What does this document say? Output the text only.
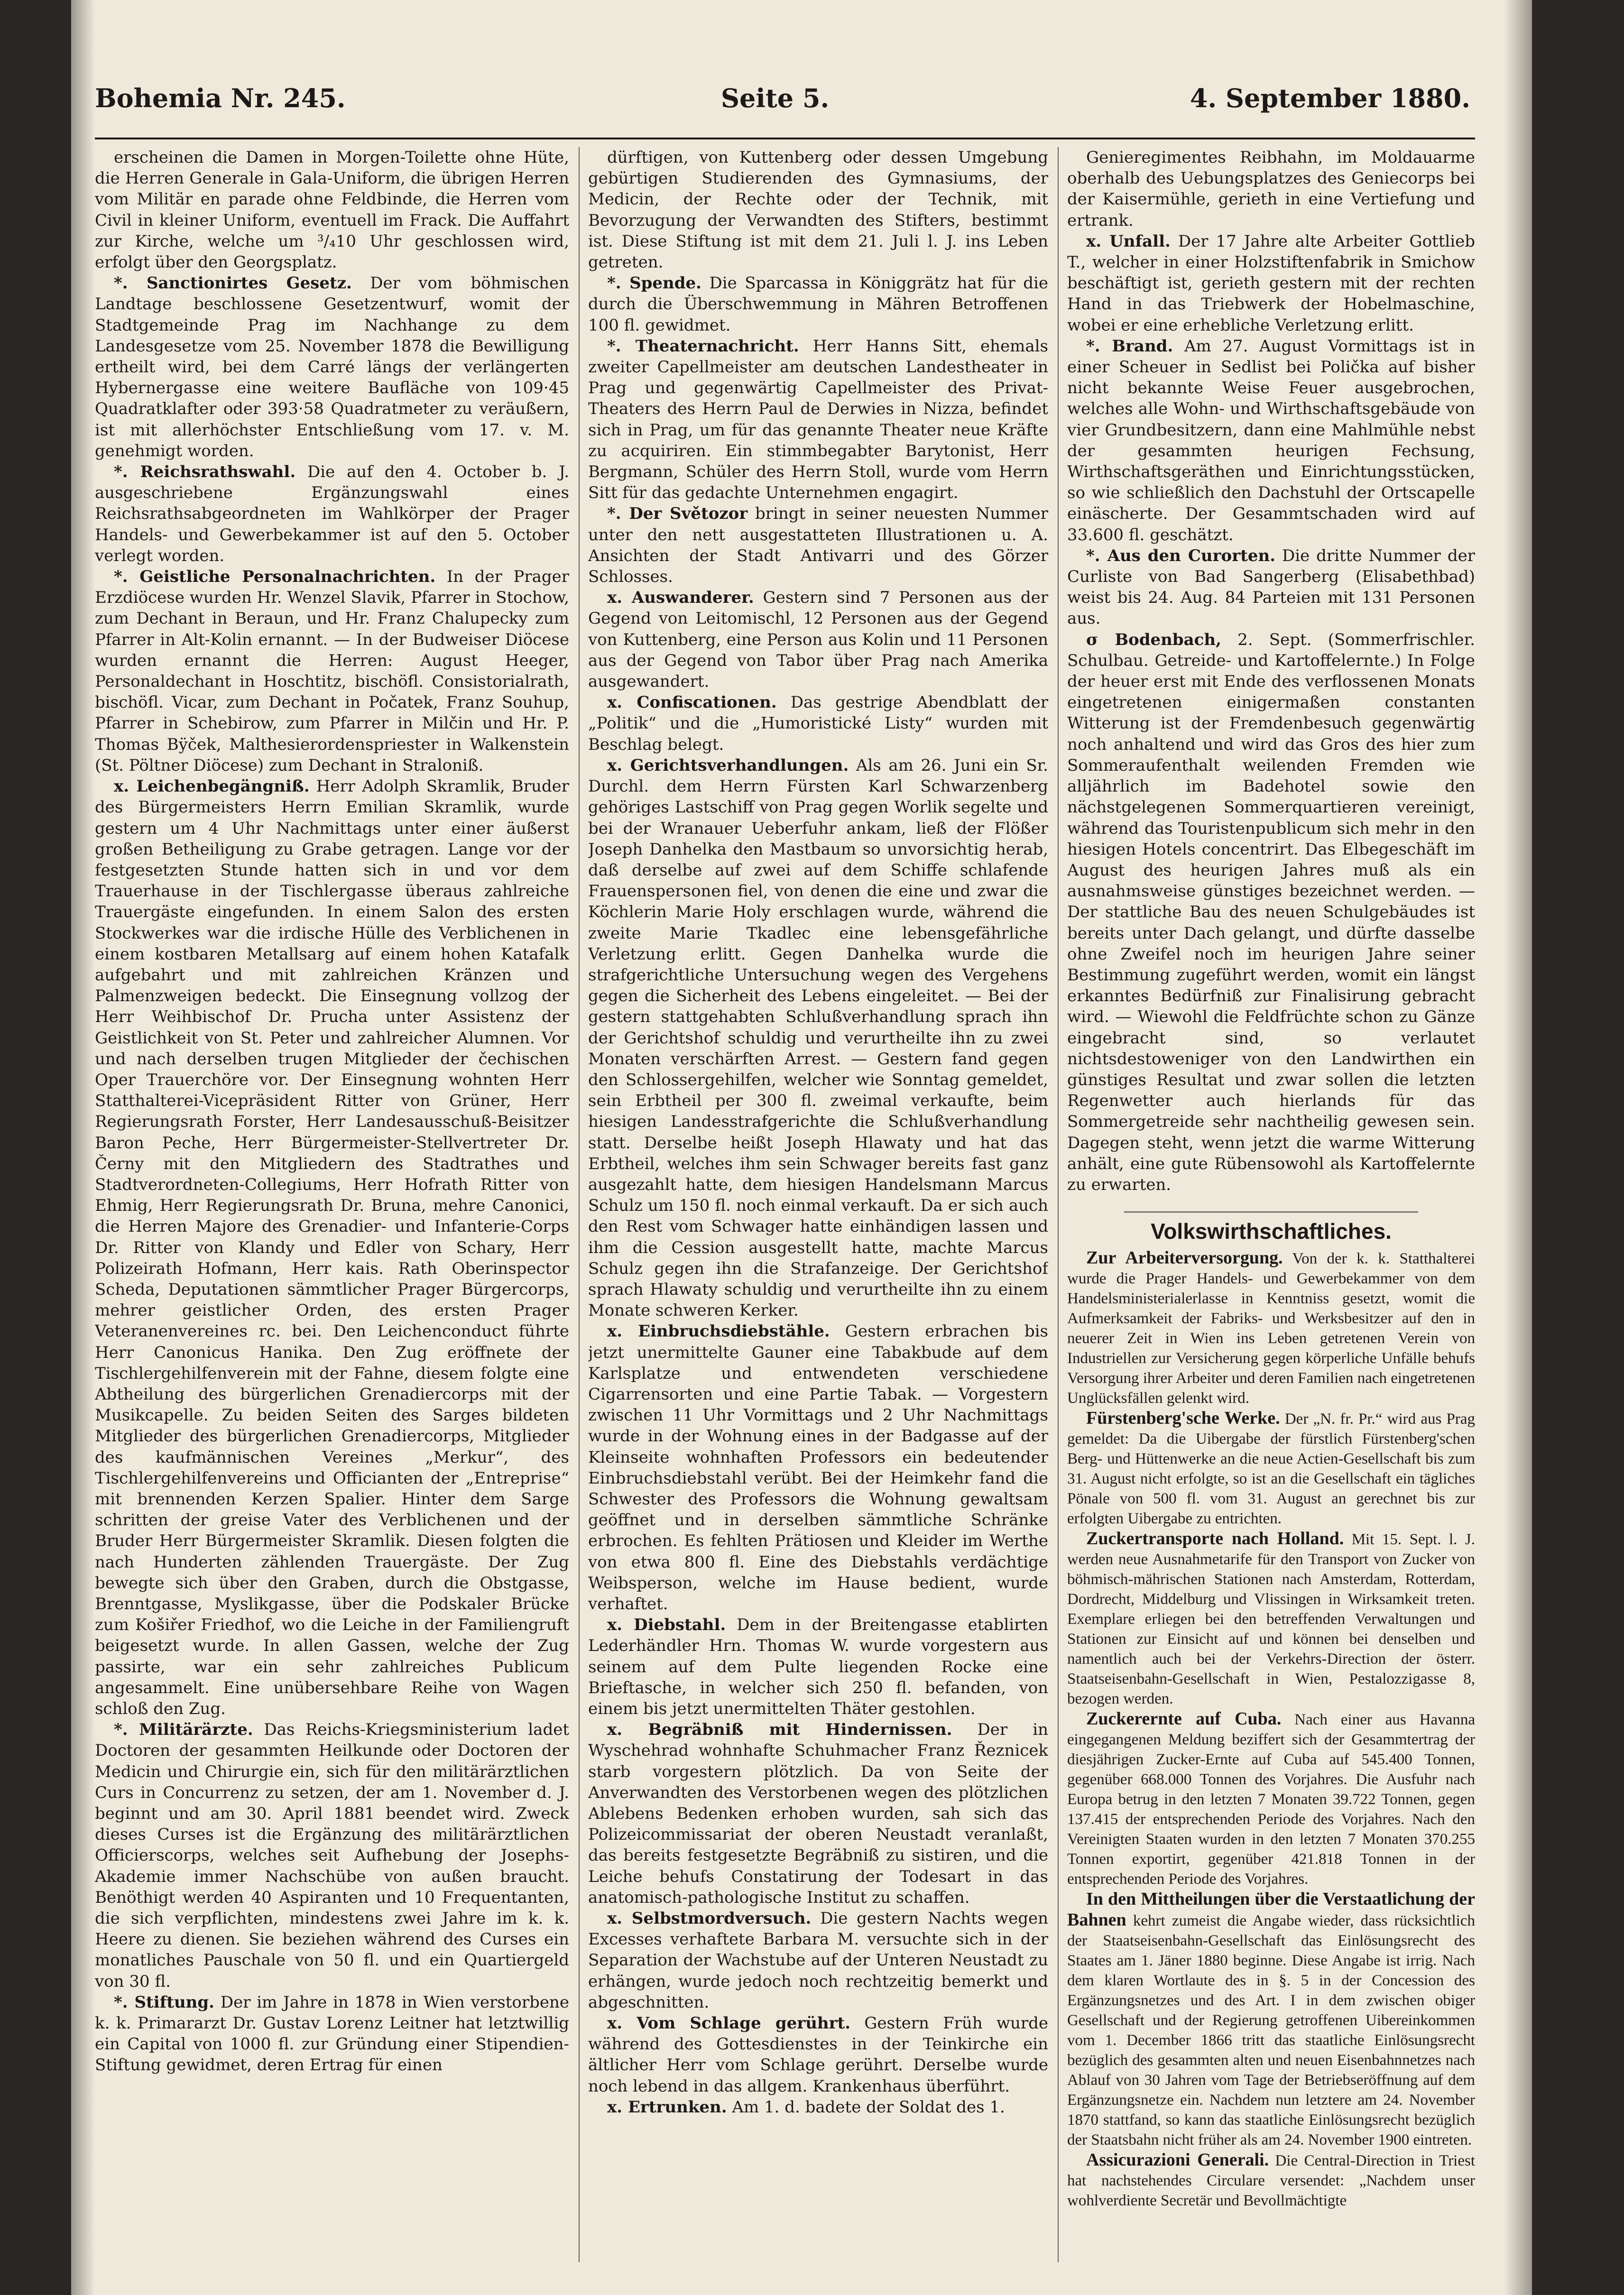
Bohemia Nr. 245.	Seite 5.	4. September 1880.

erscheinen die Damen in Morgen-Toilette ohne Hüte, die Herren Generale in Gala-Uniform, die übrigen Herren vom Militär en parade ohne Feldbinde, die Herren vom Civil in kleiner Uniform, eventuell im Frack. Die Auffahrt zur Kirche, welche um ³/₄10 Uhr geschlossen wird, erfolgt über den Georgsplatz.

*. Sanctionirtes Gesetz. Der vom böhmischen Landtage beschlossene Gesetzentwurf, womit der Stadtgemeinde Prag im Nachhange zu dem Landesgesetze vom 25. November 1878 die Bewilligung ertheilt wird, bei dem Carré längs der verlängerten Hybernergasse eine weitere Baufläche von 109·45 Quadratklafter oder 393·58 Quadratmeter zu veräußern, ist mit allerhöchster Entschließung vom 17. v. M. genehmigt worden.

*. Reichsrathswahl. Die auf den 4. October b. J. ausgeschriebene Ergänzungswahl eines Reichsrathsabgeordneten im Wahlkörper der Prager Handels- und Gewerbekammer ist auf den 5. October verlegt worden.

*. Geistliche Personalnachrichten. In der Prager Erzdiöcese wurden Hr. Wenzel Slavik, Pfarrer in Stochow, zum Dechant in Beraun, und Hr. Franz Chalupecky zum Pfarrer in Alt-Kolin ernannt. — In der Budweiser Diöcese wurden ernannt die Herren: August Heeger, Personaldechant in Hoschtitz, bischöfl. Consistorialrath, bischöfl. Vicar, zum Dechant in Počatek, Franz Souhup, Pfarrer in Schebirow, zum Pfarrer in Milčin und Hr. P. Thomas Bÿček, Malthesierordenspriester in Walkenstein (St. Pöltner Diöcese) zum Dechant in Straloniß.

x. Leichenbegängniß. Herr Adolph Skramlik, Bruder des Bürgermeisters Herrn Emilian Skramlik, wurde gestern um 4 Uhr Nachmittags unter einer äußerst großen Betheiligung zu Grabe getragen. Lange vor der festgesetzten Stunde hatten sich in und vor dem Trauerhause in der Tischlergasse überaus zahlreiche Trauergäste eingefunden. In einem Salon des ersten Stockwerkes war die irdische Hülle des Verblichenen in einem kostbaren Metallsarg auf einem hohen Katafalk aufgebahrt und mit zahlreichen Kränzen und Palmenzweigen bedeckt. Die Einsegnung vollzog der Herr Weihbischof Dr. Prucha unter Assistenz der Geistlichkeit von St. Peter und zahlreicher Alumnen. Vor und nach derselben trugen Mitglieder der čechischen Oper Trauerchöre vor. Der Einsegnung wohnten Herr Statthalterei-Vicepräsident Ritter von Grüner, Herr Regierungsrath Forster, Herr Landesausschuß-Beisitzer Baron Peche, Herr Bürgermeister-Stellvertreter Dr. Černy mit den Mitgliedern des Stadtrathes und Stadtverordneten-Collegiums, Herr Hofrath Ritter von Ehmig, Herr Regierungsrath Dr. Bruna, mehre Canonici, die Herren Majore des Grenadier- und Infanterie-Corps Dr. Ritter von Klandy und Edler von Schary, Herr Polizeirath Hofmann, Herr kais. Rath Oberinspector Scheda, Deputationen sämmtlicher Prager Bürgercorps, mehrer geistlicher Orden, des ersten Prager Veteranenvereines rc. bei. Den Leichenconduct führte Herr Canonicus Hanika. Den Zug eröffnete der Tischlergehilfenverein mit der Fahne, diesem folgte eine Abtheilung des bürgerlichen Grenadiercorps mit der Musikcapelle. Zu beiden Seiten des Sarges bildeten Mitglieder des bürgerlichen Grenadiercorps, Mitglieder des kaufmännischen Vereines „Merkur“, des Tischlergehilfenvereins und Officianten der „Entreprise“ mit brennenden Kerzen Spalier. Hinter dem Sarge schritten der greise Vater des Verblichenen und der Bruder Herr Bürgermeister Skramlik. Diesen folgten die nach Hunderten zählenden Trauergäste. Der Zug bewegte sich über den Graben, durch die Obstgasse, Brenntgasse, Myslikgasse, über die Podskaler Brücke zum Košiřer Friedhof, wo die Leiche in der Familiengruft beigesetzt wurde. In allen Gassen, welche der Zug passirte, war ein sehr zahlreiches Publicum angesammelt. Eine unübersehbare Reihe von Wagen schloß den Zug.

*. Militärärzte. Das Reichs-Kriegsministerium ladet Doctoren der gesammten Heilkunde oder Doctoren der Medicin und Chirurgie ein, sich für den militärärztlichen Curs in Concurrenz zu setzen, der am 1. November d. J. beginnt und am 30. April 1881 beendet wird. Zweck dieses Curses ist die Ergänzung des militärärztlichen Officierscorps, welches seit Aufhebung der Josephs-Akademie immer Nachschübe von außen braucht. Benöthigt werden 40 Aspiranten und 10 Frequentanten, die sich verpflichten, mindestens zwei Jahre im k. k. Heere zu dienen. Sie beziehen während des Curses ein monatliches Pauschale von 50 fl. und ein Quartiergeld von 30 fl.

*. Stiftung. Der im Jahre in 1878 in Wien verstorbene k. k. Primararzt Dr. Gustav Lorenz Leitner hat letztwillig ein Capital von 1000 fl. zur Gründung einer Stipendien-Stiftung gewidmet, deren Ertrag für einen

dürftigen, von Kuttenberg oder dessen Umgebung gebürtigen Studierenden des Gymnasiums, der Medicin, der Rechte oder der Technik, mit Bevorzugung der Verwandten des Stifters, bestimmt ist. Diese Stiftung ist mit dem 21. Juli l. J. ins Leben getreten.

*. Spende. Die Sparcassa in Königgrätz hat für die durch die Überschwemmung in Mähren Betroffenen 100 fl. gewidmet.

*. Theaternachricht. Herr Hanns Sitt, ehemals zweiter Capellmeister am deutschen Landestheater in Prag und gegenwärtig Capellmeister des Privat-Theaters des Herrn Paul de Derwies in Nizza, befindet sich in Prag, um für das genannte Theater neue Kräfte zu acquiriren. Ein stimmbegabter Barytonist, Herr Bergmann, Schüler des Herrn Stoll, wurde vom Herrn Sitt für das gedachte Unternehmen engagirt.

*. Der Světozor bringt in seiner neuesten Nummer unter den nett ausgestatteten Illustrationen u. A. Ansichten der Stadt Antivarri und des Görzer Schlosses.

x. Auswanderer. Gestern sind 7 Personen aus der Gegend von Leitomischl, 12 Personen aus der Gegend von Kuttenberg, eine Person aus Kolin und 11 Personen aus der Gegend von Tabor über Prag nach Amerika ausgewandert.

x. Confiscationen. Das gestrige Abendblatt der „Politik“ und die „Humoristické Listy“ wurden mit Beschlag belegt.

x. Gerichtsverhandlungen. Als am 26. Juni ein Sr. Durchl. dem Herrn Fürsten Karl Schwarzenberg gehöriges Lastschiff von Prag gegen Worlik segelte und bei der Wranauer Ueberfuhr ankam, ließ der Flößer Joseph Danhelka den Mastbaum so unvorsichtig herab, daß derselbe auf zwei auf dem Schiffe schlafende Frauenspersonen fiel, von denen die eine und zwar die Köchlerin Marie Holy erschlagen wurde, während die zweite Marie Tkadlec eine lebensgefährliche Verletzung erlitt. Gegen Danhelka wurde die strafgerichtliche Untersuchung wegen des Vergehens gegen die Sicherheit des Lebens eingeleitet. — Bei der gestern stattgehabten Schlußverhandlung sprach ihn der Gerichtshof schuldig und verurtheilte ihn zu zwei Monaten verschärften Arrest. — Gestern fand gegen den Schlossergehilfen, welcher wie Sonntag gemeldet, sein Erbtheil per 300 fl. zweimal verkaufte, beim hiesigen Landesstrafgerichte die Schlußverhandlung statt. Derselbe heißt Joseph Hlawaty und hat das Erbtheil, welches ihm sein Schwager bereits fast ganz ausgezahlt hatte, dem hiesigen Handelsmann Marcus Schulz um 150 fl. noch einmal verkauft. Da er sich auch den Rest vom Schwager hatte einhändigen lassen und ihm die Cession ausgestellt hatte, machte Marcus Schulz gegen ihn die Strafanzeige. Der Gerichtshof sprach Hlawaty schuldig und verurtheilte ihn zu einem Monate schweren Kerker.

x. Einbruchsdiebstähle. Gestern erbrachen bis jetzt unermittelte Gauner eine Tabakbude auf dem Karlsplatze und entwendeten verschiedene Cigarrensorten und eine Partie Tabak. — Vorgestern zwischen 11 Uhr Vormittags und 2 Uhr Nachmittags wurde in der Wohnung eines in der Badgasse auf der Kleinseite wohnhaften Professors ein bedeutender Einbruchsdiebstahl verübt. Bei der Heimkehr fand die Schwester des Professors die Wohnung gewaltsam geöffnet und in derselben sämmtliche Schränke erbrochen. Es fehlten Prätiosen und Kleider im Werthe von etwa 800 fl. Eine des Diebstahls verdächtige Weibsperson, welche im Hause bedient, wurde verhaftet.

x. Diebstahl. Dem in der Breitengasse etablirten Lederhändler Hrn. Thomas W. wurde vorgestern aus seinem auf dem Pulte liegenden Rocke eine Brieftasche, in welcher sich 250 fl. befanden, von einem bis jetzt unermittelten Thäter gestohlen.

x. Begräbniß mit Hindernissen. Der in Wyschehrad wohnhafte Schuhmacher Franz Řeznicek starb vorgestern plötzlich. Da von Seite der Anverwandten des Verstorbenen wegen des plötzlichen Ablebens Bedenken erhoben wurden, sah sich das Polizeicommissariat der oberen Neustadt veranlaßt, das bereits festgesetzte Begräbniß zu sistiren, und die Leiche behufs Constatirung der Todesart in das anatomisch-pathologische Institut zu schaffen.

x. Selbstmordversuch. Die gestern Nachts wegen Excesses verhaftete Barbara M. versuchte sich in der Separation der Wachstube auf der Unteren Neustadt zu erhängen, wurde jedoch noch rechtzeitig bemerkt und abgeschnitten.

x. Vom Schlage gerührt. Gestern Früh wurde während des Gottesdienstes in der Teinkirche ein ältlicher Herr vom Schlage gerührt. Derselbe wurde noch lebend in das allgem. Krankenhaus überführt.

x. Ertrunken. Am 1. d. badete der Soldat des 1.

Genieregimentes Reibhahn, im Moldauarme oberhalb des Uebungsplatzes des Geniecorps bei der Kaisermühle, gerieth in eine Vertiefung und ertrank.

x. Unfall. Der 17 Jahre alte Arbeiter Gottlieb T., welcher in einer Holzstiftenfabrik in Smichow beschäftigt ist, gerieth gestern mit der rechten Hand in das Triebwerk der Hobelmaschine, wobei er eine erhebliche Verletzung erlitt.

*. Brand. Am 27. August Vormittags ist in einer Scheuer in Sedlist bei Polička auf bisher nicht bekannte Weise Feuer ausgebrochen, welches alle Wohn- und Wirthschaftsgebäude von vier Grundbesitzern, dann eine Mahlmühle nebst der gesammten heurigen Fechsung, Wirthschaftsgeräthen und Einrichtungsstücken, so wie schließlich den Dachstuhl der Ortscapelle einäscherte. Der Gesammtschaden wird auf 33.600 fl. geschätzt.

*. Aus den Curorten. Die dritte Nummer der Curliste von Bad Sangerberg (Elisabethbad) weist bis 24. Aug. 84 Parteien mit 131 Personen aus.

σ Bodenbach, 2. Sept. (Sommerfrischler. Schulbau. Getreide- und Kartoffelernte.) In Folge der heuer erst mit Ende des verflossenen Monats eingetretenen einigermaßen constanten Witterung ist der Fremdenbesuch gegenwärtig noch anhaltend und wird das Gros des hier zum Sommeraufenthalt weilenden Fremden wie alljährlich im Badehotel sowie den nächstgelegenen Sommerquartieren vereinigt, während das Touristenpublicum sich mehr in den hiesigen Hotels concentrirt. Das Elbegeschäft im August des heurigen Jahres muß als ein ausnahmsweise günstiges bezeichnet werden. — Der stattliche Bau des neuen Schulgebäudes ist bereits unter Dach gelangt, und dürfte dasselbe ohne Zweifel noch im heurigen Jahre seiner Bestimmung zugeführt werden, womit ein längst erkanntes Bedürfniß zur Finalisirung gebracht wird. — Wiewohl die Feldfrüchte schon zu Gänze eingebracht sind, so verlautet nichtsdestoweniger von den Landwirthen ein günstiges Resultat und zwar sollen die letzten Regenwetter auch hierlands für das Sommergetreide sehr nachtheilig gewesen sein. Dagegen steht, wenn jetzt die warme Witterung anhält, eine gute Rübensowohl als Kartoffelernte zu erwarten.

Volkswirthschaftliches.

Zur Arbeiterversorgung. Von der k. k. Statthalterei wurde die Prager Handels- und Gewerbekammer von dem Handelsministerialerlasse in Kenntniss gesetzt, womit die Aufmerksamkeit der Fabriks- und Werksbesitzer auf den in neuerer Zeit in Wien ins Leben getretenen Verein von Industriellen zur Versicherung gegen körperliche Unfälle behufs Versorgung ihrer Arbeiter und deren Familien nach eingetretenen Unglücksfällen gelenkt wird.

Fürstenberg'sche Werke. Der „N. fr. Pr.“ wird aus Prag gemeldet: Da die Uibergabe der fürstlich Fürstenberg'schen Berg- und Hüttenwerke an die neue Actien-Gesellschaft bis zum 31. August nicht erfolgte, so ist an die Gesellschaft ein tägliches Pönale von 500 fl. vom 31. August an gerechnet bis zur erfolgten Uibergabe zu entrichten.

Zuckertransporte nach Holland. Mit 15. Sept. l. J. werden neue Ausnahmetarife für den Transport von Zucker von böhmisch-mährischen Stationen nach Amsterdam, Rotterdam, Dordrecht, Middelburg und Vlissingen in Wirksamkeit treten. Exemplare erliegen bei den betreffenden Verwaltungen und Stationen zur Einsicht auf und können bei denselben und namentlich auch bei der Verkehrs-Direction der österr. Staatseisenbahn-Gesellschaft in Wien, Pestalozzigasse 8, bezogen werden.

Zuckerernte auf Cuba. Nach einer aus Havanna eingegangenen Meldung beziffert sich der Gesammtertrag der diesjährigen Zucker-Ernte auf Cuba auf 545.400 Tonnen, gegenüber 668.000 Tonnen des Vorjahres. Die Ausfuhr nach Europa betrug in den letzten 7 Monaten 39.722 Tonnen, gegen 137.415 der entsprechenden Periode des Vorjahres. Nach den Vereinigten Staaten wurden in den letzten 7 Monaten 370.255 Tonnen exportirt, gegenüber 421.818 Tonnen in der entsprechenden Periode des Vorjahres.

In den Mittheilungen über die Verstaatlichung der Bahnen kehrt zumeist die Angabe wieder, dass rücksichtlich der Staatseisenbahn-Gesellschaft das Einlösungsrecht des Staates am 1. Jäner 1880 beginne. Diese Angabe ist irrig. Nach dem klaren Wortlaute des in §. 5 in der Concession des Ergänzungsnetzes und des Art. I in dem zwischen obiger Gesellschaft und der Regierung getroffenen Uibereinkommen vom 1. December 1866 tritt das staatliche Einlösungsrecht bezüglich des gesammten alten und neuen Eisenbahnnetzes nach Ablauf von 30 Jahren vom Tage der Betriebseröffnung auf dem Ergänzungsnetze ein. Nachdem nun letztere am 24. November 1870 stattfand, so kann das staatliche Einlösungsrecht bezüglich der Staatsbahn nicht früher als am 24. November 1900 eintreten.

Assicurazioni Generali. Die Central-Direction in Triest hat nachstehendes Circulare versendet: „Nachdem unser wohlverdiente Secretär und Bevollmächtigte
